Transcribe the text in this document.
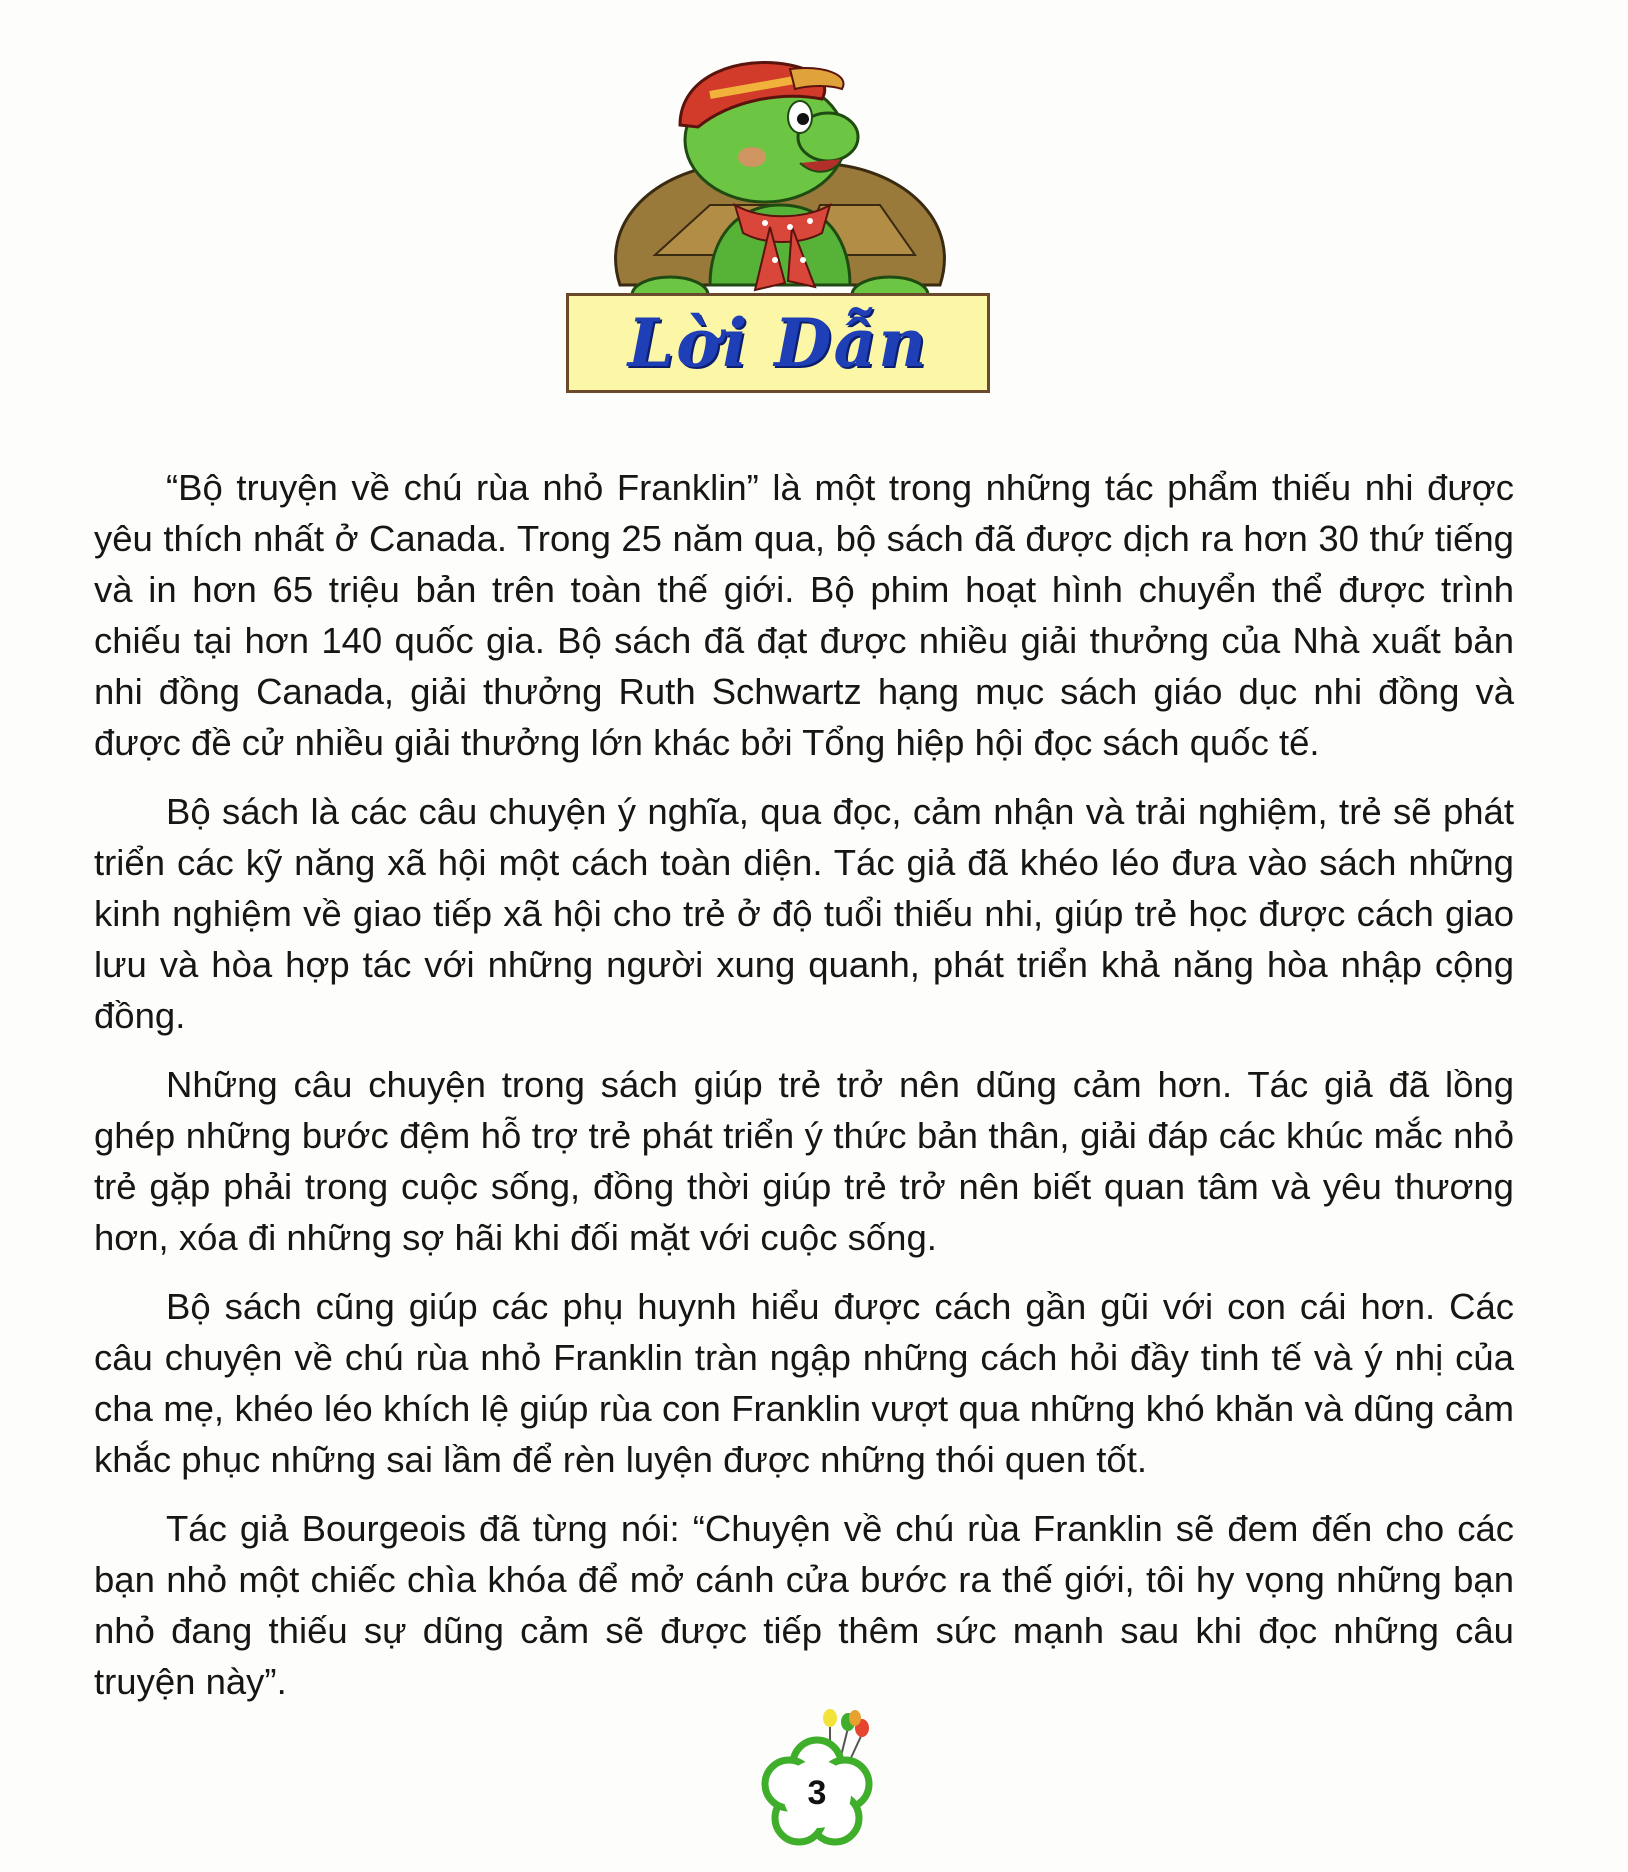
Lời Dẫn

“Bộ truyện về chú rùa nhỏ Franklin” là một trong những tác phẩm thiếu nhi được yêu thích nhất ở Canada. Trong 25 năm qua, bộ sách đã được dịch ra hơn 30 thứ tiếng và in hơn 65 triệu bản trên toàn thế giới. Bộ phim hoạt hình chuyển thể được trình chiếu tại hơn 140 quốc gia. Bộ sách đã đạt được nhiều giải thưởng của Nhà xuất bản nhi đồng Canada, giải thưởng Ruth Schwartz hạng mục sách giáo dục nhi đồng và được đề cử nhiều giải thưởng lớn khác bởi Tổng hiệp hội đọc sách quốc tế.

Bộ sách là các câu chuyện ý nghĩa, qua đọc, cảm nhận và trải nghiệm, trẻ sẽ phát triển các kỹ năng xã hội một cách toàn diện. Tác giả đã khéo léo đưa vào sách những kinh nghiệm về giao tiếp xã hội cho trẻ ở độ tuổi thiếu nhi, giúp trẻ học được cách giao lưu và hòa hợp tác với những người xung quanh, phát triển khả năng hòa nhập cộng đồng.

Những câu chuyện trong sách giúp trẻ trở nên dũng cảm hơn. Tác giả đã lồng ghép những bước đệm hỗ trợ trẻ phát triển ý thức bản thân, giải đáp các khúc mắc nhỏ trẻ gặp phải trong cuộc sống, đồng thời giúp trẻ trở nên biết quan tâm và yêu thương hơn, xóa đi những sợ hãi khi đối mặt với cuộc sống.

Bộ sách cũng giúp các phụ huynh hiểu được cách gần gũi với con cái hơn. Các câu chuyện về chú rùa nhỏ Franklin tràn ngập những cách hỏi đầy tinh tế và ý nhị của cha mẹ, khéo léo khích lệ giúp rùa con Franklin vượt qua những khó khăn và dũng cảm khắc phục những sai lầm để rèn luyện được những thói quen tốt.

Tác giả Bourgeois đã từng nói: “Chuyện về chú rùa Franklin sẽ đem đến cho các bạn nhỏ một chiếc chìa khóa để mở cánh cửa bước ra thế giới, tôi hy vọng những bạn nhỏ đang thiếu sự dũng cảm sẽ được tiếp thêm sức mạnh sau khi đọc những câu truyện này”.

3
